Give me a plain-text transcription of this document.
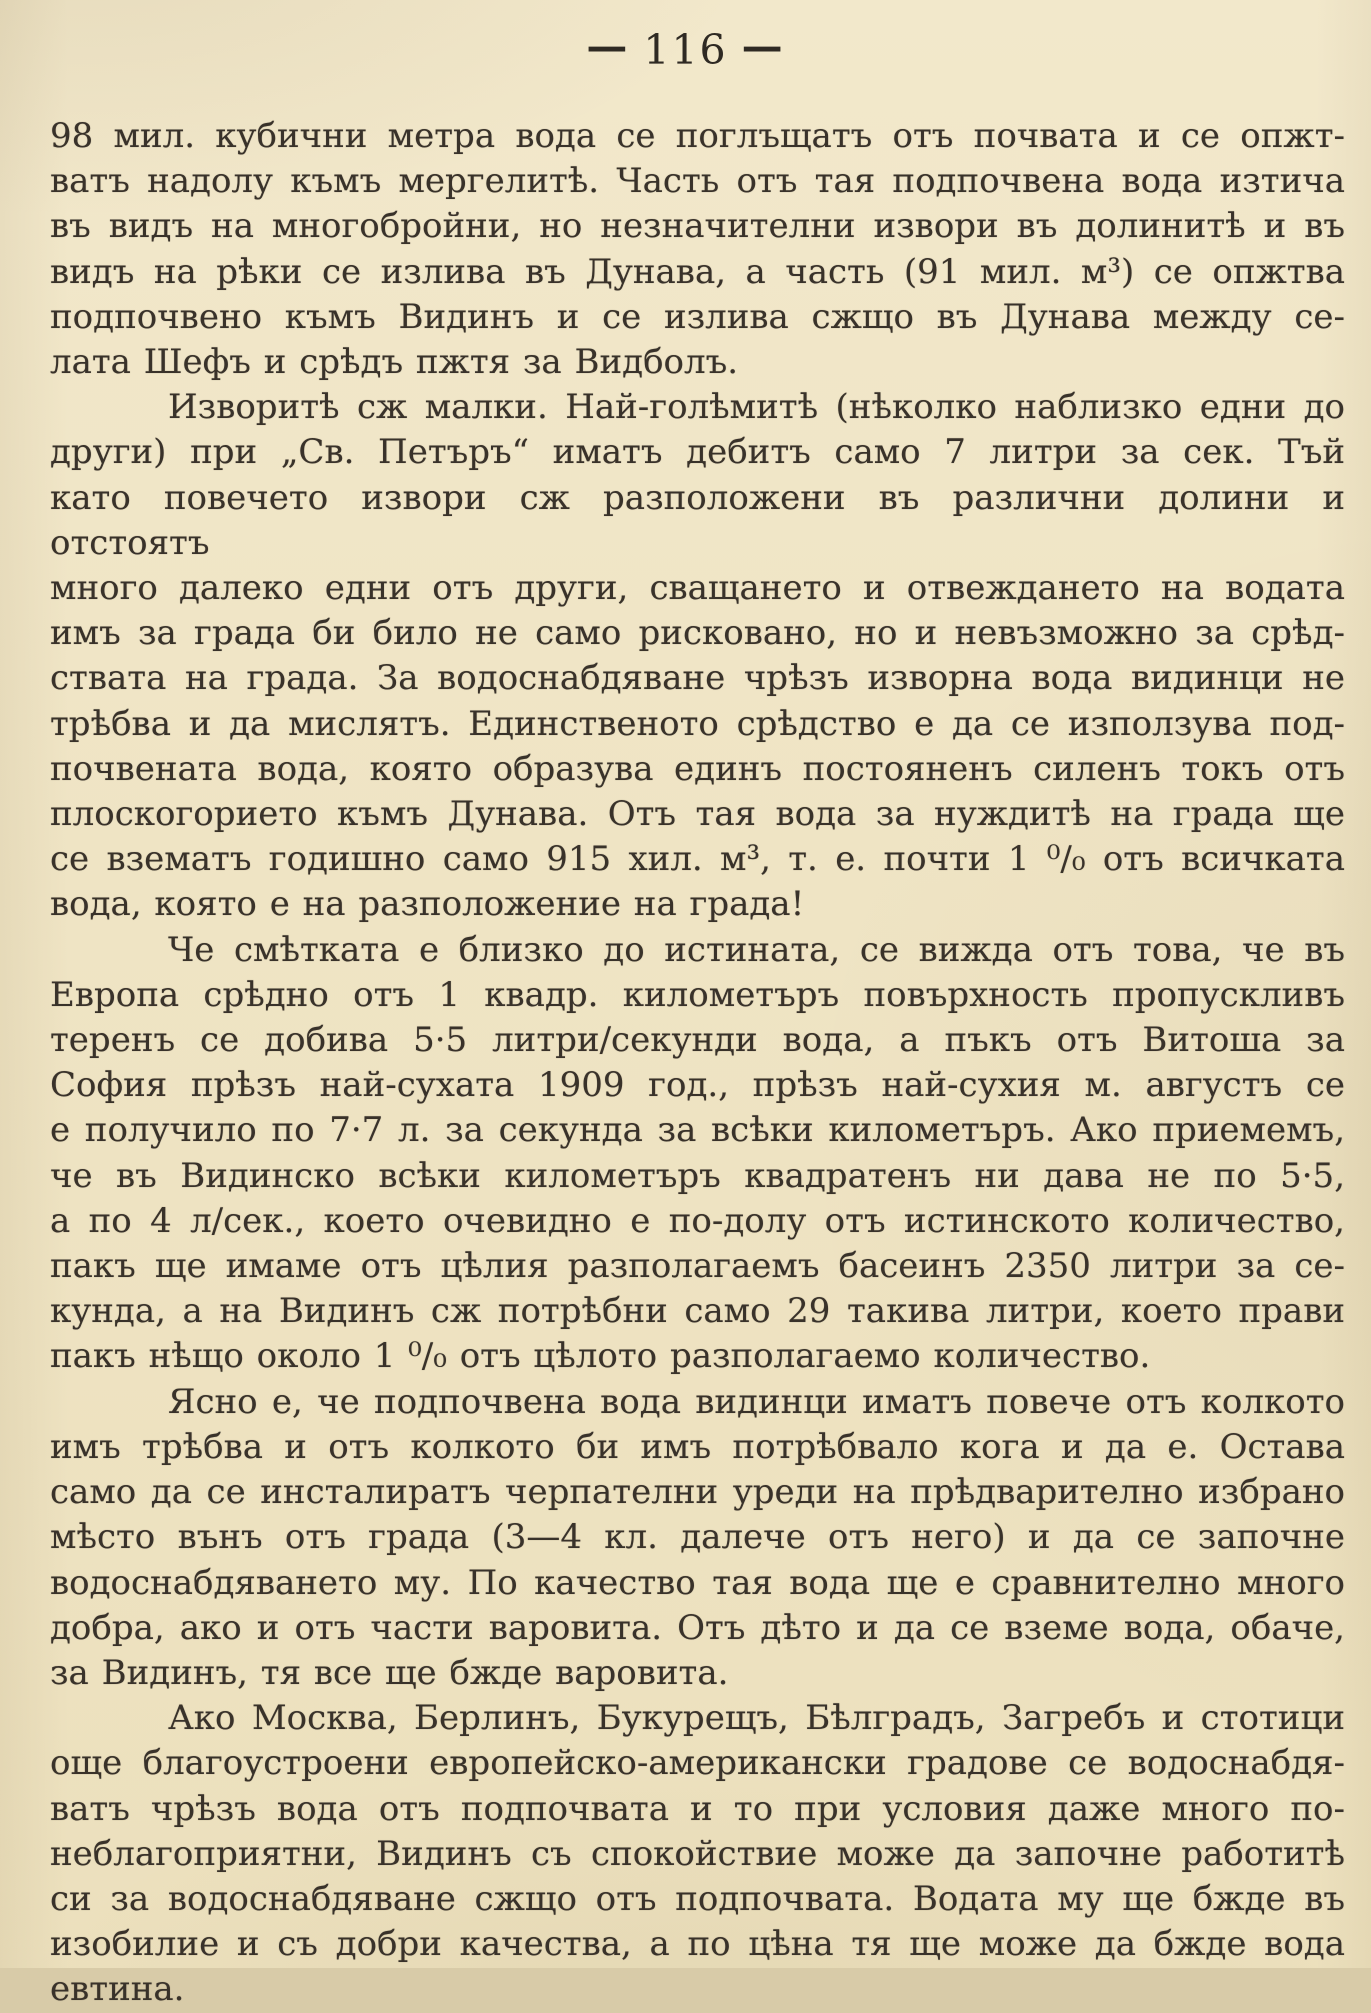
— 116 —
98 мил. кубични метра вода се поглъщатъ отъ почвата и се опжт-
ватъ надолу къмъ мергелитѣ. Часть отъ тая подпочвена вода изтича
въ видъ на многобройни, но незначителни извори въ долинитѣ и въ
видъ на рѣки се излива въ Дунава, а часть (91 мил. м³) се опжтва
подпочвено къмъ Видинъ и се излива сжщо въ Дунава между се-
лата Шефъ и срѣдъ пжтя за Видболъ.
Изворитѣ сж малки. Най-голѣмитѣ (нѣколко наблизко едни до
други) при „Св. Петъръ“ иматъ дебитъ само 7 литри за сек. Тъй
като повечето извори сж разположени въ различни долини и отстоятъ
много далеко едни отъ други, сващането и отвеждането на водата
имъ за града би било не само рисковано, но и невъзможно за срѣд-
ствата на града. За водоснабдяване чрѣзъ изворна вода видинци не
трѣбва и да мислятъ. Единственото срѣдство е да се използува под-
почвената вода, която образува единъ постояненъ силенъ токъ отъ
плоскогорието къмъ Дунава. Отъ тая вода за нуждитѣ на града ще
се взематъ годишно само 915 хил. м³, т. е. почти 1 ⁰/₀ отъ всичката
вода, която е на разположение на града!
Че смѣтката е близко до истината, се вижда отъ това, че въ
Европа срѣдно отъ 1 квадр. километъръ повърхность пропускливъ
теренъ се добива 5·5 литри/секунди вода, а пъкъ отъ Витоша за
София прѣзъ най-сухата 1909 год., прѣзъ най-сухия м. августъ се
е получило по 7·7 л. за секунда за всѣки километъръ. Ако приемемъ,
че въ Видинско всѣки километъръ квадратенъ ни дава не по 5·5,
а по 4 л/сек., което очевидно е по-долу отъ истинското количество,
пакъ ще имаме отъ цѣлия разполагаемъ басеинъ 2350 литри за се-
кунда, а на Видинъ сж потрѣбни само 29 такива литри, което прави
пакъ нѣщо около 1 ⁰/₀ отъ цѣлото разполагаемо количество.
Ясно е, че подпочвена вода видинци иматъ повече отъ колкото
имъ трѣбва и отъ колкото би имъ потрѣбвало кога и да е. Остава
само да се инсталиратъ черпателни уреди на прѣдварително избрано
мѣсто вънъ отъ града (3—4 кл. далече отъ него) и да се започне
водоснабдяването му. По качество тая вода ще е сравнително много
добра, ако и отъ части варовита. Отъ дѣто и да се вземе вода, обаче,
за Видинъ, тя все ще бжде варовита.
Ако Москва, Берлинъ, Букурещъ, Бѣлградъ, Загребъ и стотици
още благоустроени европейско-американски градове се водоснабдя-
ватъ чрѣзъ вода отъ подпочвата и то при условия даже много по-
неблагоприятни, Видинъ съ спокойствие може да започне работитѣ
си за водоснабдяване сжщо отъ подпочвата. Водата му ще бжде въ
изобилие и съ добри качества, а по цѣна тя ще може да бжде вода
евтина.
